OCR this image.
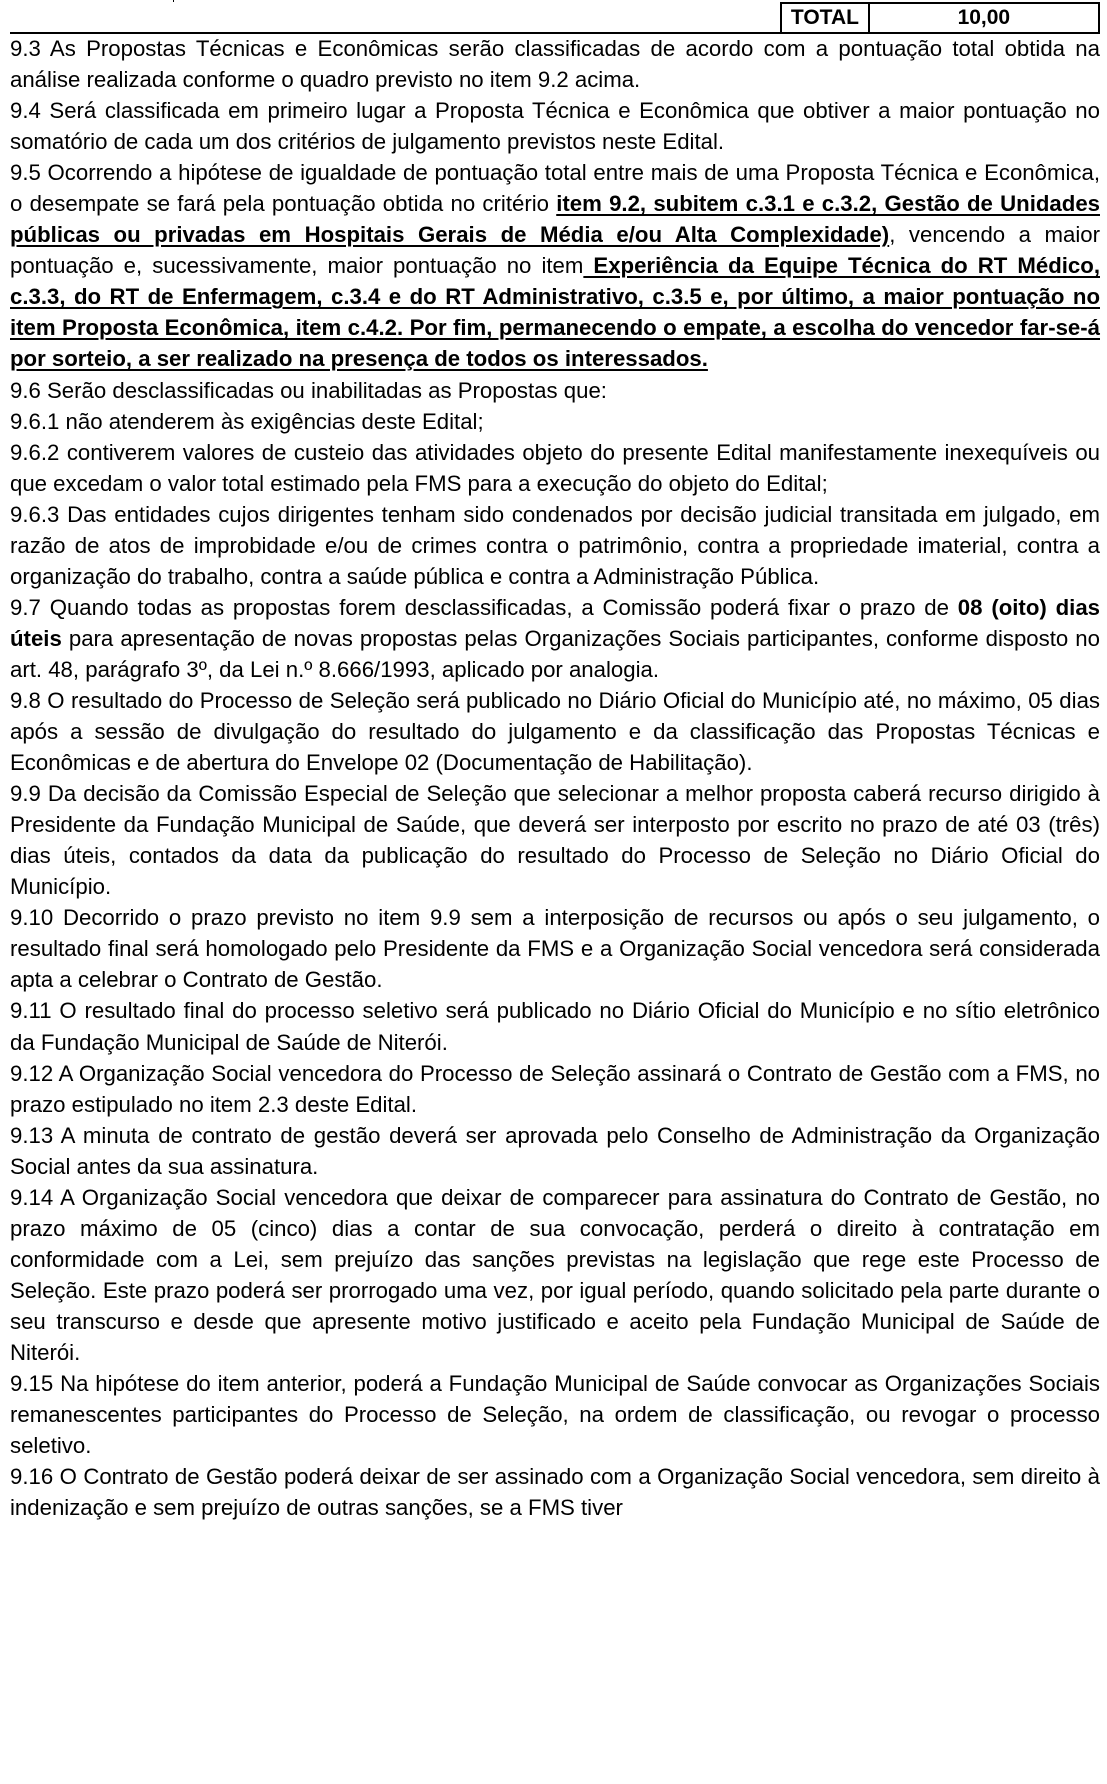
	TOTAL	10,00

9.3 As Propostas Técnicas e Econômicas serão classificadas de acordo com a pontuação total obtida na análise realizada conforme o quadro previsto no item 9.2 acima.

9.4 Será classificada em primeiro lugar a Proposta Técnica e Econômica que obtiver a maior pontuação no somatório de cada um dos critérios de julgamento previstos neste Edital.

9.5 Ocorrendo a hipótese de igualdade de pontuação total entre mais de uma Proposta Técnica e Econômica, o desempate se fará pela pontuação obtida no critério item 9.2, subitem c.3.1 e c.3.2, Gestão de Unidades públicas ou privadas em Hospitais Gerais de Média e/ou Alta Complexidade), vencendo a maior pontuação e, sucessivamente, maior pontuação no item Experiência da Equipe Técnica do RT Médico, c.3.3, do RT de Enfermagem, c.3.4 e do RT Administrativo, c.3.5 e, por último, a maior pontuação no item Proposta Econômica, item c.4.2. Por fim, permanecendo o empate, a escolha do vencedor far-se-á por sorteio, a ser realizado na presença de todos os interessados.

9.6 Serão desclassificadas ou inabilitadas as Propostas que:

9.6.1 não atenderem às exigências deste Edital;

9.6.2 contiverem valores de custeio das atividades objeto do presente Edital manifestamente inexequíveis ou que excedam o valor total estimado pela FMS para a execução do objeto do Edital;

9.6.3 Das entidades cujos dirigentes tenham sido condenados por decisão judicial transitada em julgado, em razão de atos de improbidade e/ou de crimes contra o patrimônio, contra a propriedade imaterial, contra a organização do trabalho, contra a saúde pública e contra a Administração Pública.

9.7 Quando todas as propostas forem desclassificadas, a Comissão poderá fixar o prazo de 08 (oito) dias úteis para apresentação de novas propostas pelas Organizações Sociais participantes, conforme disposto no art. 48, parágrafo 3º, da Lei n.º 8.666/1993, aplicado por analogia.

9.8 O resultado do Processo de Seleção será publicado no Diário Oficial do Município até, no máximo, 05 dias após a sessão de divulgação do resultado do julgamento e da classificação das Propostas Técnicas e Econômicas e de abertura do Envelope 02 (Documentação de Habilitação).

9.9 Da decisão da Comissão Especial de Seleção que selecionar a melhor proposta caberá recurso dirigido à Presidente da Fundação Municipal de Saúde, que deverá ser interposto por escrito no prazo de até 03 (três) dias úteis, contados da data da publicação do resultado do Processo de Seleção no Diário Oficial do Município.

9.10 Decorrido o prazo previsto no item 9.9 sem a interposição de recursos ou após o seu julgamento, o resultado final será homologado pelo Presidente da FMS e a Organização Social vencedora será considerada apta a celebrar o Contrato de Gestão.

9.11 O resultado final do processo seletivo será publicado no Diário Oficial do Município e no sítio eletrônico da Fundação Municipal de Saúde de Niterói.

9.12 A Organização Social vencedora do Processo de Seleção assinará o Contrato de Gestão com a FMS, no prazo estipulado no item 2.3 deste Edital.

9.13 A minuta de contrato de gestão deverá ser aprovada pelo Conselho de Administração da Organização Social antes da sua assinatura.

9.14 A Organização Social vencedora que deixar de comparecer para assinatura do Contrato de Gestão, no prazo máximo de 05 (cinco) dias a contar de sua convocação, perderá o direito à contratação em conformidade com a Lei, sem prejuízo das sanções previstas na legislação que rege este Processo de Seleção. Este prazo poderá ser prorrogado uma vez, por igual período, quando solicitado pela parte durante o seu transcurso e desde que apresente motivo justificado e aceito pela Fundação Municipal de Saúde de Niterói.

9.15 Na hipótese do item anterior, poderá a Fundação Municipal de Saúde convocar as Organizações Sociais remanescentes participantes do Processo de Seleção, na ordem de classificação, ou revogar o processo seletivo.

9.16 O Contrato de Gestão poderá deixar de ser assinado com a Organização Social vencedora, sem direito à indenização e sem prejuízo de outras sanções, se a FMS tiver
